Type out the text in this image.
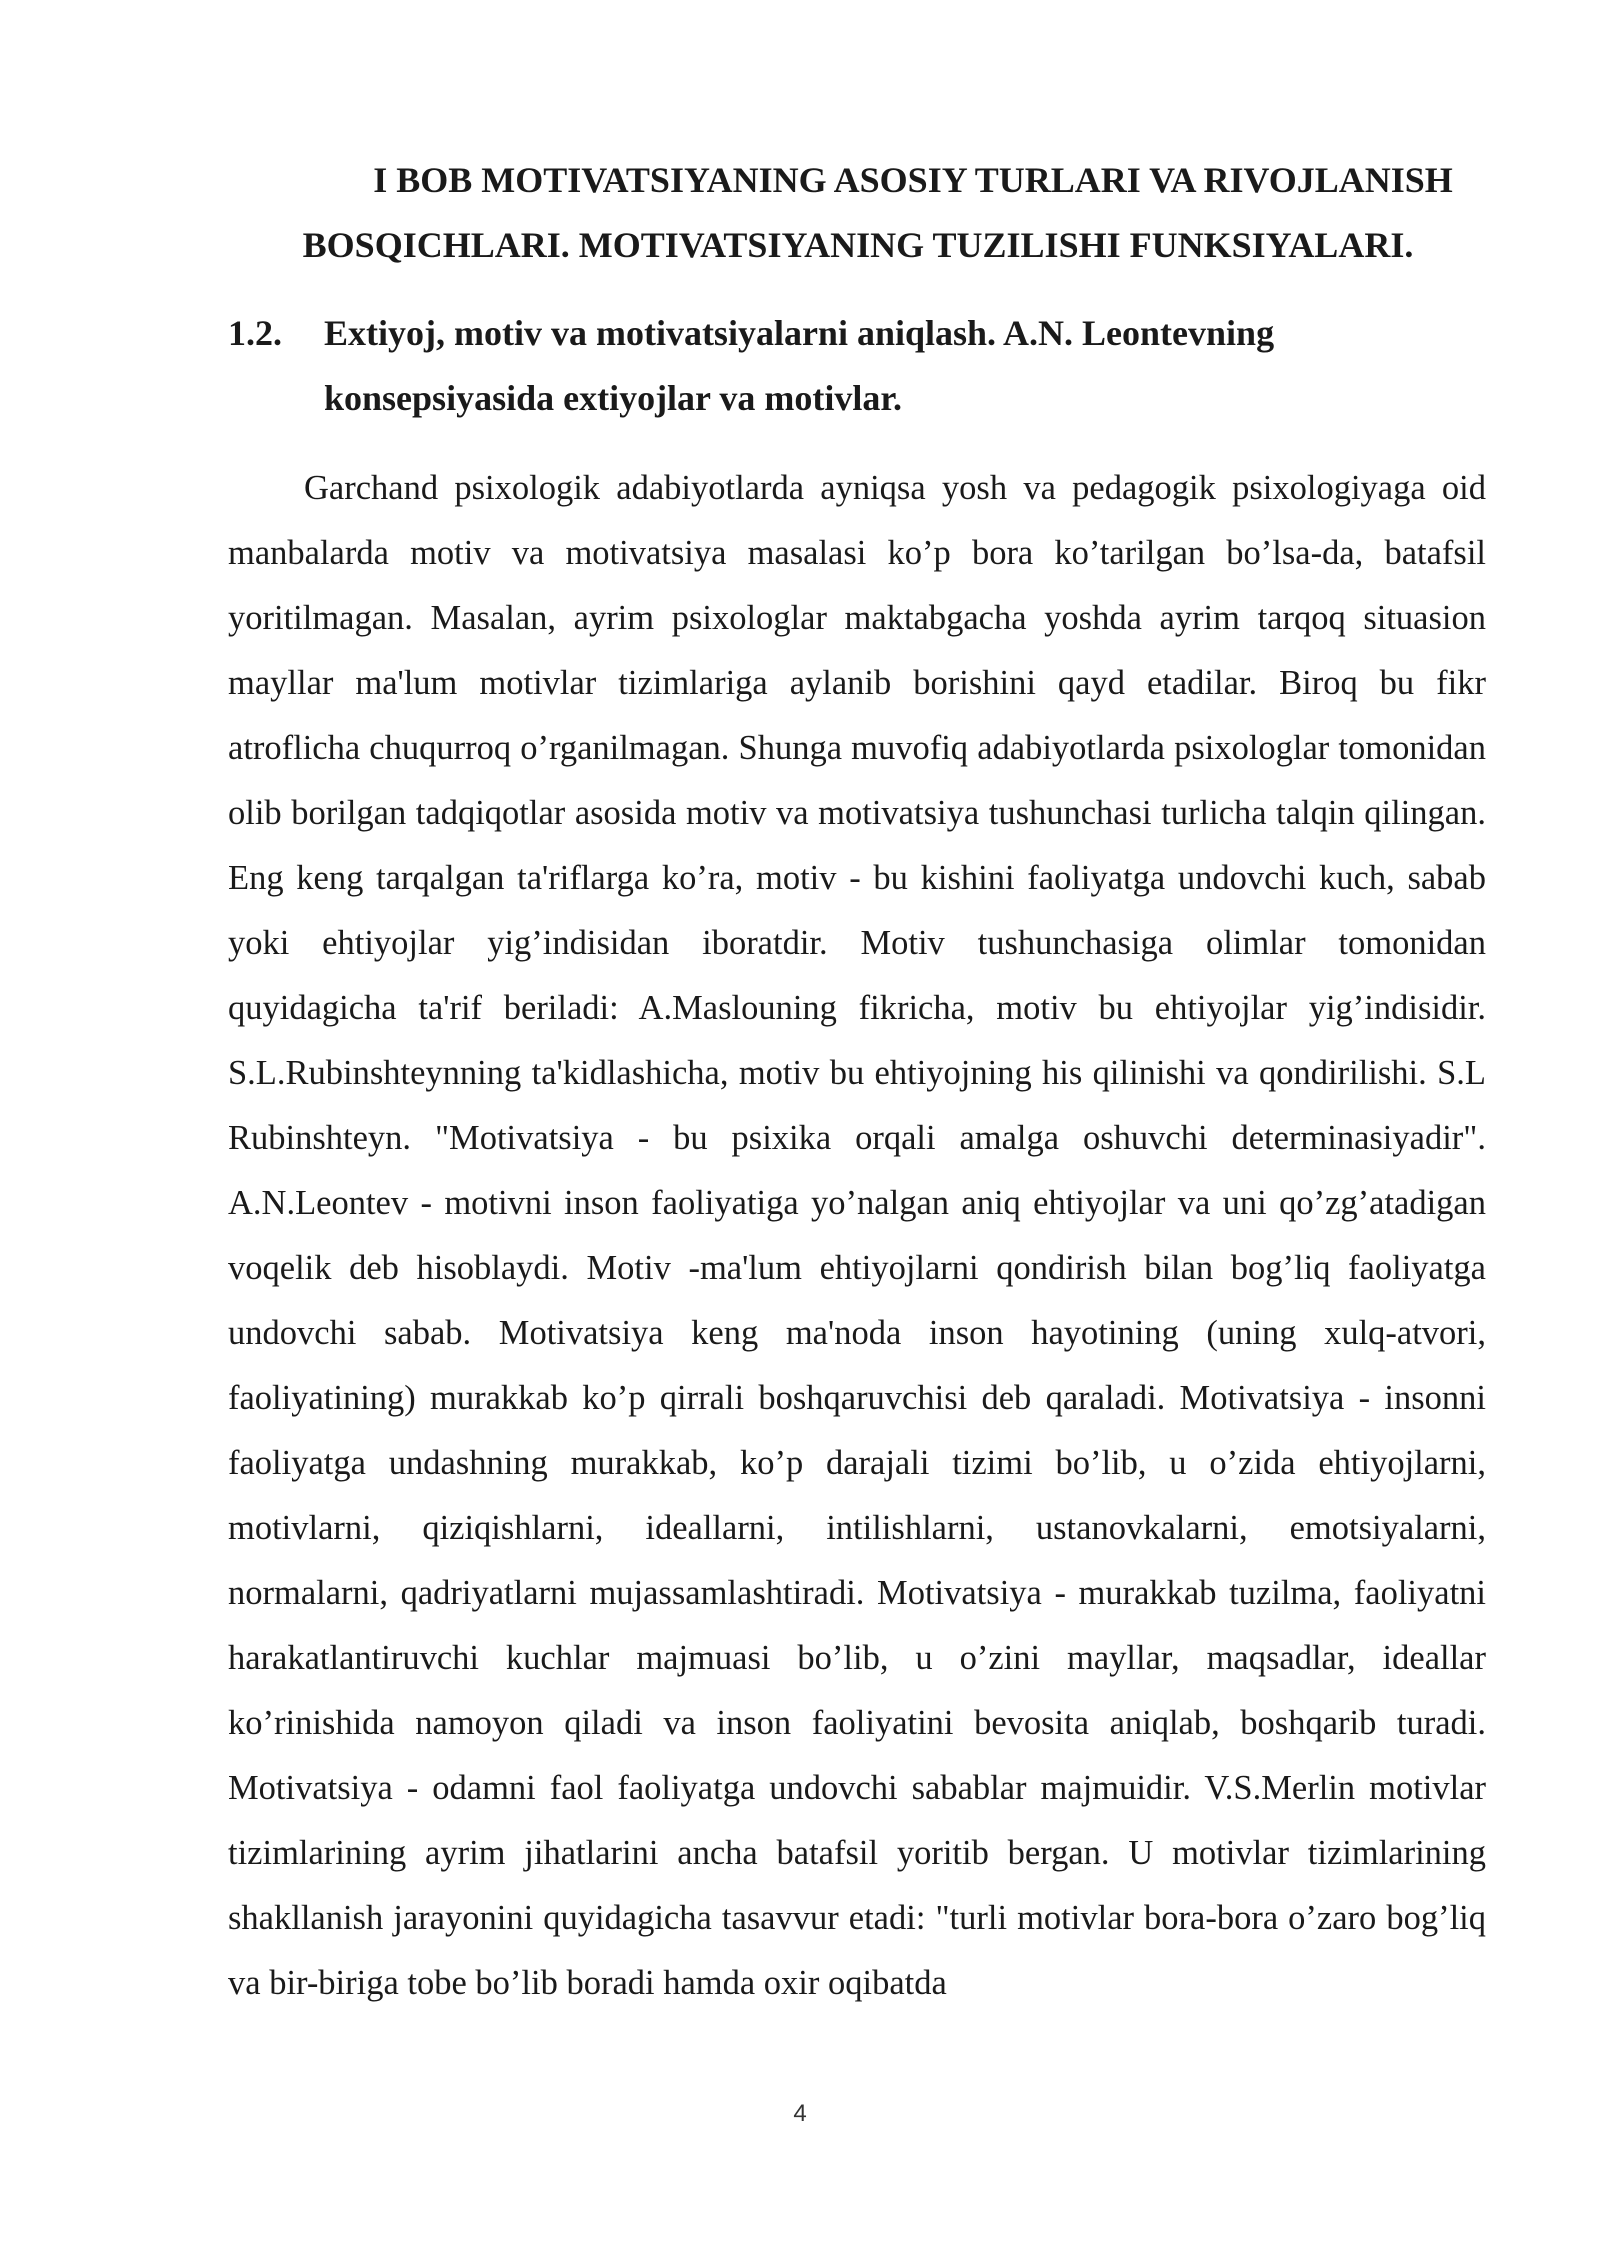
I BOB MOTIVATSIYANING ASOSIY TURLARI VA RIVOJLANISH
BOSQICHLARI. MOTIVATSIYANING TUZILISHI FUNKSIYALARI.
1.2. Extiyoj, motiv va motivatsiyalarni aniqlash. A.N. Leontevning konsepsiyasida extiyojlar va motivlar.

Garchand psixologik adabiyotlarda ayniqsa yosh va pedagogik psixologiyaga oid manbalarda motiv va motivatsiya masalasi ko’p bora ko’tarilgan bo’lsa-da, batafsil yoritilmagan. Masalan, ayrim psixologlar maktabgacha yoshda ayrim tarqoq situasion mayllar ma'lum motivlar tizimlariga aylanib borishini qayd etadilar. Biroq bu fikr atroflicha chuqurroq o’rganilmagan. Shunga muvofiq adabiyotlarda psixologlar tomonidan olib borilgan tadqiqotlar asosida motiv va motivatsiya tushunchasi turlicha talqin qilingan. Eng keng tarqalgan ta'riflarga ko’ra, motiv - bu kishini faoliyatga undovchi kuch, sabab yoki ehtiyojlar yig’indisidan iboratdir. Motiv tushunchasiga olimlar tomonidan quyidagicha ta'rif beriladi: A.Maslouning fikricha, motiv bu ehtiyojlar yig’indisidir. S.L.Rubinshteynning ta'kidlashicha, motiv bu ehtiyojning his qilinishi va qondirilishi. S.L Rubinshteyn. "Motivatsiya - bu psixika orqali amalga oshuvchi determinasiyadir". A.N.Leontev - motivni inson faoliyatiga yo’nalgan aniq ehtiyojlar va uni qo’zg’atadigan voqelik deb hisoblaydi. Motiv -ma'lum ehtiyojlarni qondirish bilan bog’liq faoliyatga undovchi sabab. Motivatsiya keng ma'noda inson hayotining (uning xulq-atvori, faoliyatining) murakkab ko’p qirrali boshqaruvchisi deb qaraladi. Motivatsiya - insonni faoliyatga undashning murakkab, ko’p darajali tizimi bo’lib, u o’zida ehtiyojlarni, motivlarni, qiziqishlarni, ideallarni, intilishlarni, ustanovkalarni, emotsiyalarni, normalarni, qadriyatlarni mujassamlashtiradi. Motivatsiya - murakkab tuzilma, faoliyatni harakatlantiruvchi kuchlar majmuasi bo’lib, u o’zini mayllar, maqsadlar, ideallar ko’rinishida namoyon qiladi va inson faoliyatini bevosita aniqlab, boshqarib turadi. Motivatsiya - odamni faol faoliyatga undovchi sabablar majmuidir. V.S.Merlin motivlar tizimlarining ayrim jihatlarini ancha batafsil yoritib bergan. U motivlar tizimlarining shakllanish jarayonini quyidagicha tasavvur etadi: "turli motivlar bora-bora o’zaro bog’liq va bir-biriga tobe bo’lib boradi hamda oxir oqibatda

4
